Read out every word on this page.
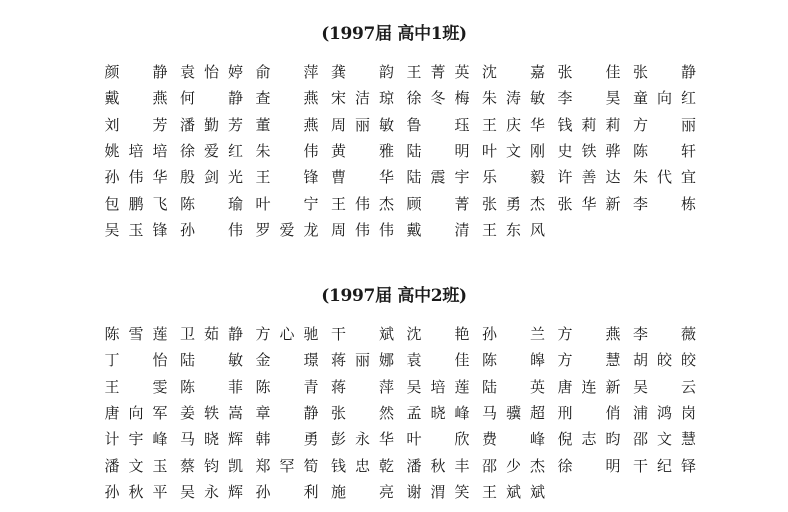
(1997届 高中1班)
颜 静 袁 怡 婷 俞 萍 龚 韵 王 菁 英 沈 嘉 张 佳 张 静
戴 燕 何 静 查 燕 宋 洁 琼 徐 冬 梅 朱 涛 敏 李 昊 童 向 红
刘 芳 潘 勤 芳 董 燕 周 丽 敏 鲁 珏 王 庆 华 钱 莉 莉 方 丽
姚 培 培 徐 爱 红 朱 伟 黄 雅 陆 明 叶 文 刚 史 铁 骅 陈 轩
孙 伟 华 殷 剑 光 王 锋 曹 华 陆 震 宇 乐 毅 许 善 达 朱 代 宜
包 鹏 飞 陈 瑜 叶 宁 王 伟 杰 顾 菁 张 勇 杰 张 华 新 李 栋
吴 玉 锋 孙 伟 罗 爱 龙 周 伟 伟 戴 清 王 东 风
(1997届 高中2班)
陈 雪 莲 卫 茹 静 方 心 驰 干 斌 沈 艳 孙 兰 方 燕 李 薇
丁 怡 陆 敏 金 璟 蒋 丽 娜 袁 佳 陈 皞 方 慧 胡 皎 皎
王 雯 陈 菲 陈 青 蒋 萍 吴 培 莲 陆 英 唐 连 新 吴 云
唐 向 军 姜 轶 嵩 章 静 张 然 孟 晓 峰 马 骥 超 刑 俏 浦 鸿 岗
计 宇 峰 马 晓 辉 韩 勇 彭 永 华 叶 欣 费 峰 倪 志 昀 邵 文 慧
潘 文 玉 蔡 钧 凯 郑 罕 筍 钱 忠 乾 潘 秋 丰 邵 少 杰 徐 明 干 纪 铎
孙 秋 平 吴 永 辉 孙 利 施 亮 谢 渭 笑 王 斌 斌
